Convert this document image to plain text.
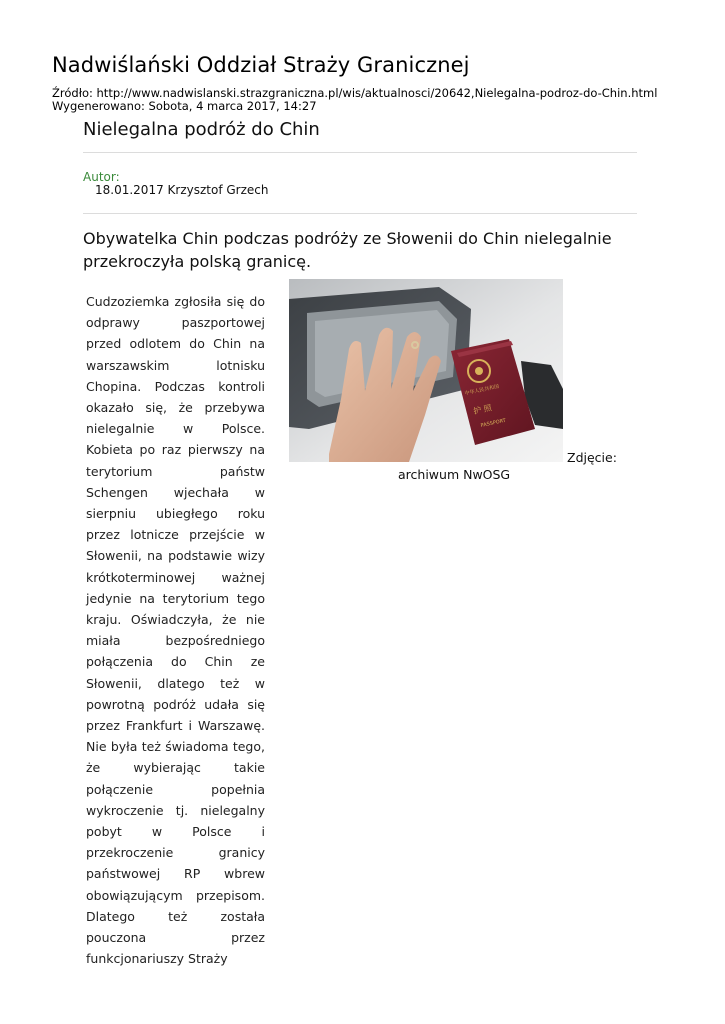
Nadwiślański Oddział Straży Granicznej
Źródło: http://www.nadwislanski.strazgraniczna.pl/wis/aktualnosci/20642,Nielegalna-podroz-do-Chin.html
Wygenerowano: Sobota, 4 marca 2017, 14:27
Nielegalna podróż do Chin
Autor:
18.01.2017 Krzysztof Grzech

Obywatelka Chin podczas podróży ze Słowenii do Chin nielegalnie przekroczyła polską granicę.

Cudzoziemka zgłosiła się do odprawy paszportowej przed odlotem do Chin na warszawskim lotnisku Chopina. Podczas kontroli okazało się, że przebywa nielegalnie w Polsce. Kobieta po raz pierwszy na terytorium państw Schengen wjechała w sierpniu ubiegłego roku przez lotnicze przejście w Słowenii, na podstawie wizy krótkoterminowej ważnej jedynie na terytorium tego kraju. Oświadczyła, że nie miała bezpośredniego połączenia do Chin ze Słowenii, dlatego też w powrotną podróż udała się przez Frankfurt i Warszawę. Nie była też świadoma tego, że wybierając takie połączenie popełnia wykroczenie tj. nielegalny pobyt w Polsce i przekroczenie granicy państwowej RP wbrew obowiązującym przepisom. Dlatego też została pouczona przez funkcjonariuszy Straży

中华人民共和国
护 照
PASSPORT
Zdjęcie:
archiwum NwOSG
